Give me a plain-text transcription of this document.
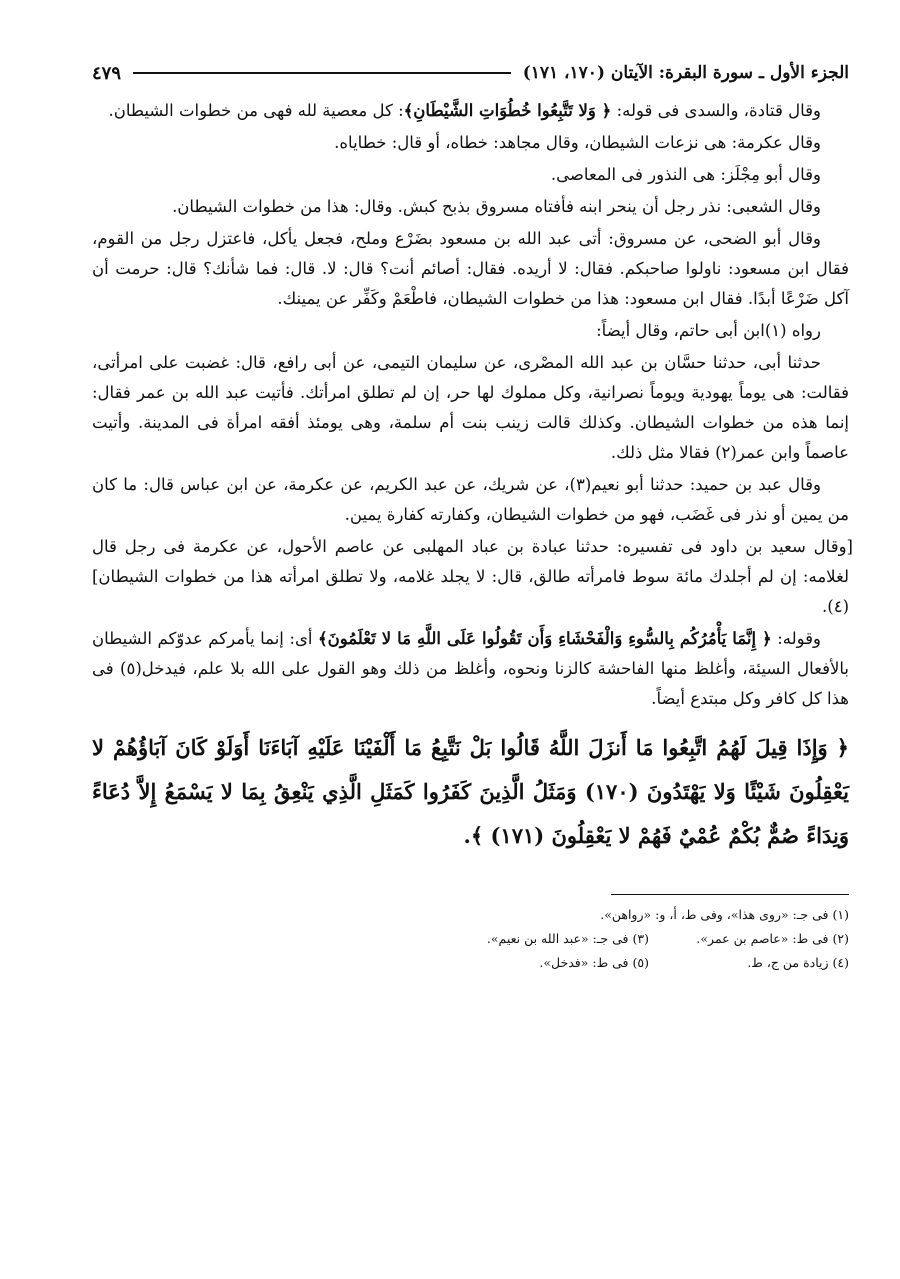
الجزء الأول ـ سورة البقرة: الآيتان (١٧٠، ١٧١)
٤٧٩

وقال قتادة، والسدى فى قوله: ﴿ وَلا تَتَّبِعُوا خُطُوَاتِ الشَّيْطَانِ﴾: كل معصية لله فهى من خطوات الشيطان.

وقال عكرمة: هى نزعات الشيطان، وقال مجاهد: خطاه، أو قال: خطاياه.

وقال أبو مِجْلَز: هى النذور فى المعاصى.

وقال الشعبى: نذر رجل أن ينحر ابنه فأفتاه مسروق بذبح كبش. وقال: هذا من خطوات الشيطان.

وقال أبو الضحى، عن مسروق: أتى عبد الله بن مسعود بضَرْع وملح، فجعل يأكل، فاعتزل رجل من القوم، فقال ابن مسعود: ناولوا صاحبكم. فقال: لا أريده. فقال: أصائم أنت؟ قال: لا. قال: فما شأنك؟ قال: حرمت أن آكل ضَرْعًا أبدًا. فقال ابن مسعود: هذا من خطوات الشيطان، فاطْعَمْ وكَفِّر عن يمينك.

رواه (١)ابن أبى حاتم، وقال أيضاً:

حدثنا أبى، حدثنا حسَّان بن عبد الله المصْرى، عن سليمان التيمى، عن أبى رافع، قال: غضبت على امرأتى، فقالت: هى يوماً يهودية ويوماً نصرانية، وكل مملوك لها حر، إن لم تطلق امرأتك. فأتيت عبد الله بن عمر فقال: إنما هذه من خطوات الشيطان. وكذلك قالت زينب بنت أم سلمة، وهى يومئذ أفقه امرأة فى المدينة. وأتيت عاصماً وابن عمر(٢) فقالا مثل ذلك.

وقال عبد بن حميد: حدثنا أبو نعيم(٣)، عن شريك، عن عبد الكريم، عن عكرمة، عن ابن عباس قال: ما كان من يمين أو نذر فى غَضَب، فهو من خطوات الشيطان، وكفارته كفارة يمين.

[وقال سعيد بن داود فى تفسيره: حدثنا عبادة بن عباد المهلبى عن عاصم الأحول، عن عكرمة فى رجل قال لغلامه: إن لم أجلدك مائة سوط فامرأته طالق، قال: لا يجلد غلامه، ولا تطلق امرأته هذا من خطوات الشيطان](٤).

وقوله: ﴿ إِنَّمَا يَأْمُرُكُم بِالسُّوءِ وَالْفَحْشَاءِ وَأَن تَقُولُوا عَلَى اللَّهِ مَا لا تَعْلَمُونَ﴾ أى: إنما يأمركم عدوّكم الشيطان بالأفعال السيئة، وأغلظ منها الفاحشة كالزنا ونحوه، وأغلظ من ذلك وهو القول على الله بلا علم، فيدخل(٥) فى هذا كل كافر وكل مبتدع أيضاً.

﴿ وَإِذَا قِيلَ لَهُمُ اتَّبِعُوا مَا أَنزَلَ اللَّهُ قَالُوا بَلْ نَتَّبِعُ مَا أَلْفَيْنَا عَلَيْهِ آبَاءَنَا أَوَلَوْ كَانَ آبَاؤُهُمْ لا يَعْقِلُونَ شَيْئًا وَلا يَهْتَدُونَ (١٧٠) وَمَثَلُ الَّذِينَ كَفَرُوا كَمَثَلِ الَّذِي يَنْعِقُ بِمَا لا يَسْمَعُ إِلاَّ دُعَاءً وَنِدَاءً صُمٌّ بُكْمٌ عُمْيٌ فَهُمْ لا يَعْقِلُونَ (١٧١) ﴾.
(١) فى جـ: «روى هذا»، وفى ط، أ، و: «رواهن».
(٢) فى ط: «عاصم بن عمر».
(٣) فى جـ: «عبد الله بن نعيم».
(٤) زيادة من ج، ط.
(٥) فى ط: «فدخل».
